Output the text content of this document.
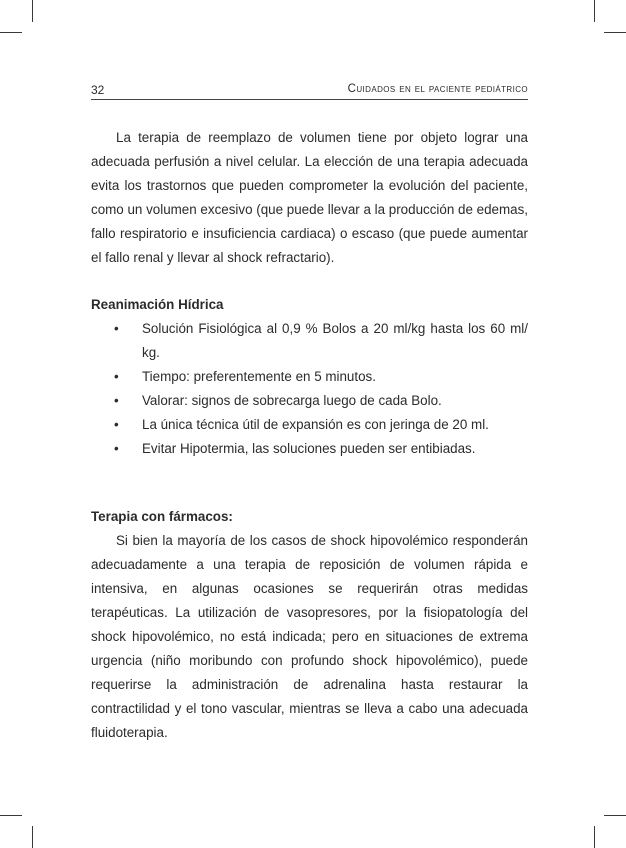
32	Cuidados en el paciente pediátrico

La terapia de reemplazo de volumen tiene por objeto lograr una adecuada perfusión a nivel celular. La elección de una terapia adecuada evita los trastornos que pueden comprometer la evolución del paciente, como un volumen excesivo (que puede llevar a la producción de edemas, fallo respiratorio e insuficiencia cardiaca) o escaso (que puede aumentar el fallo renal y llevar al shock refractario).

Reanimación Hídrica

• Solución Fisiológica al 0,9 % Bolos a 20 ml/kg hasta los 60 ml/ kg.
• Tiempo: preferentemente en 5 minutos.
• Valorar: signos de sobrecarga luego de cada Bolo.
• La única técnica útil de expansión es con jeringa de 20 ml.
• Evitar Hipotermia, las soluciones pueden ser entibiadas.

Terapia con fármacos:

Si bien la mayoría de los casos de shock hipovolémico responderán adecuadamente a una terapia de reposición de volumen rápida e intensiva, en algunas ocasiones se requerirán otras medidas terapéuticas. La utilización de vasopresores, por la fisiopatología del shock hipovolémico, no está indicada; pero en situaciones de extrema urgencia (niño moribundo con profundo shock hipovolémico), puede requerirse la administración de adrenalina hasta restaurar la contractilidad y el tono vascular, mientras se lleva a cabo una adecuada fluidoterapia.
